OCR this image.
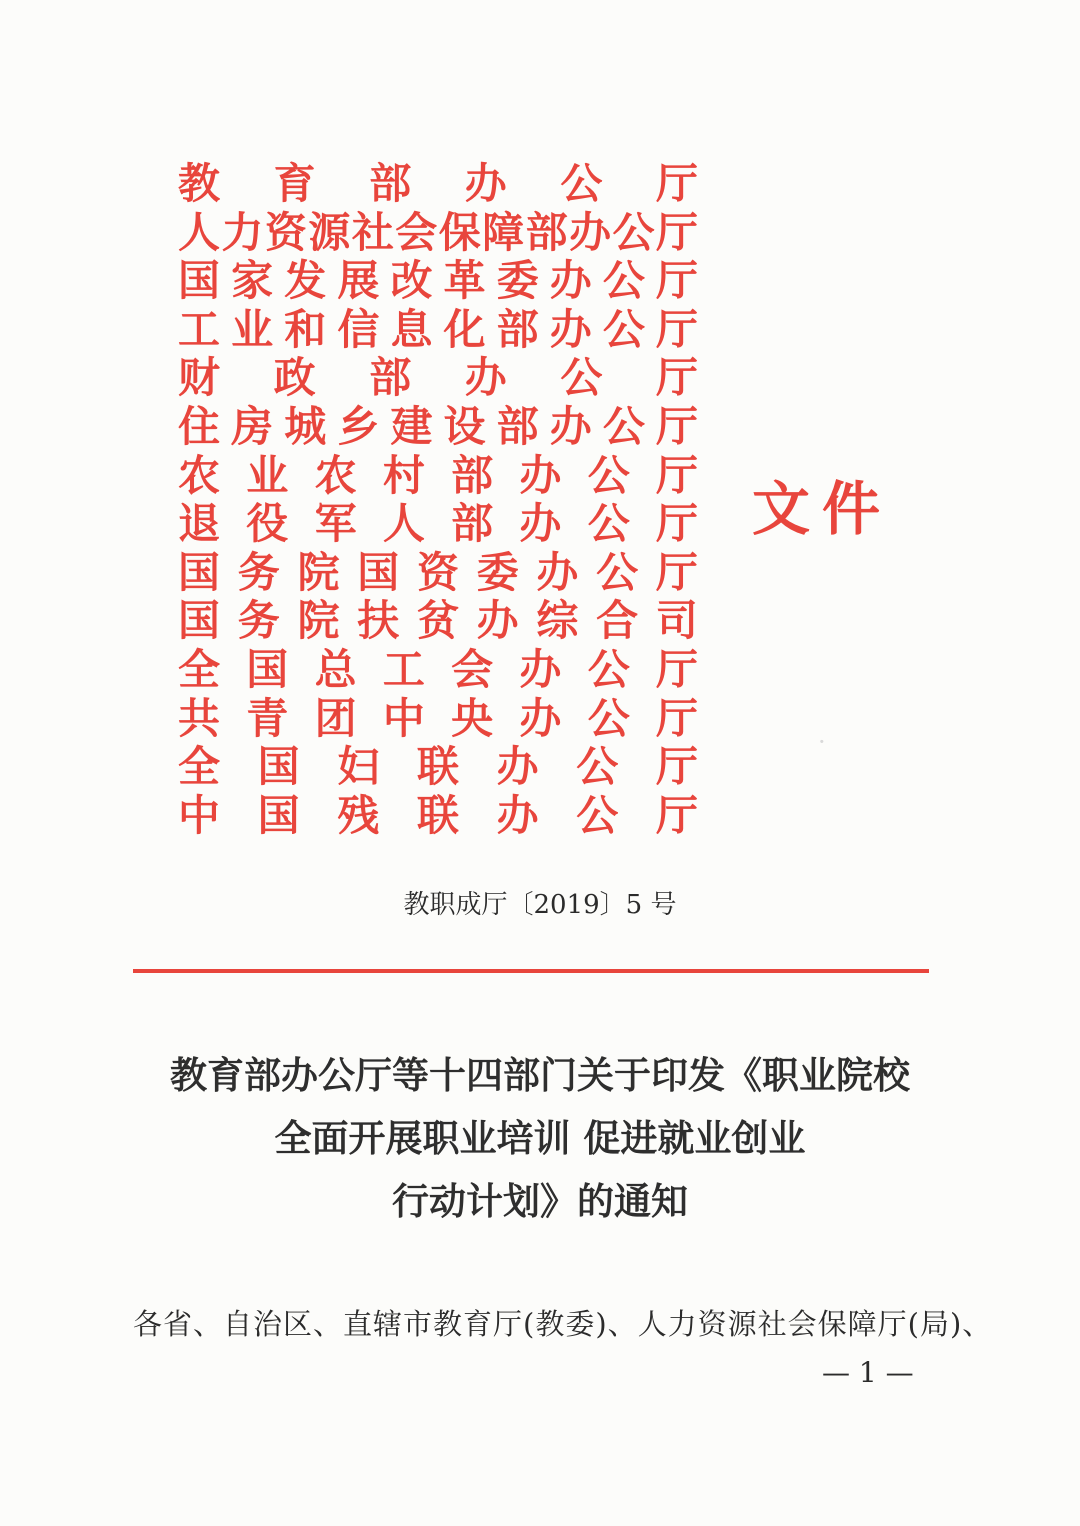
教 育 部 办 公 厅
人 力 资 源 社 会 保 障 部 办 公 厅
国 家 发 展 改 革 委 办 公 厅
工 业 和 信 息 化 部 办 公 厅
财 政 部 办 公 厅
住 房 城 乡 建 设 部 办 公 厅
农 业 农 村 部 办 公 厅
退 役 军 人 部 办 公 厅
国 务 院 国 资 委 办 公 厅
国 务 院 扶 贫 办 综 合 司
全 国 总 工 会 办 公 厅
共 青 团 中 央 办 公 厅
全 国 妇 联 办 公 厅
中 国 残 联 办 公 厅
文件
·
教职成厅〔2019〕5 号
教育部办公厅等十四部门关于印发《职业院校
全面开展职业培训 促进就业创业
行动计划》的通知
各省、自治区、直辖市教育厅(教委)、人力资源社会保障厅(局)、
— 1 —
